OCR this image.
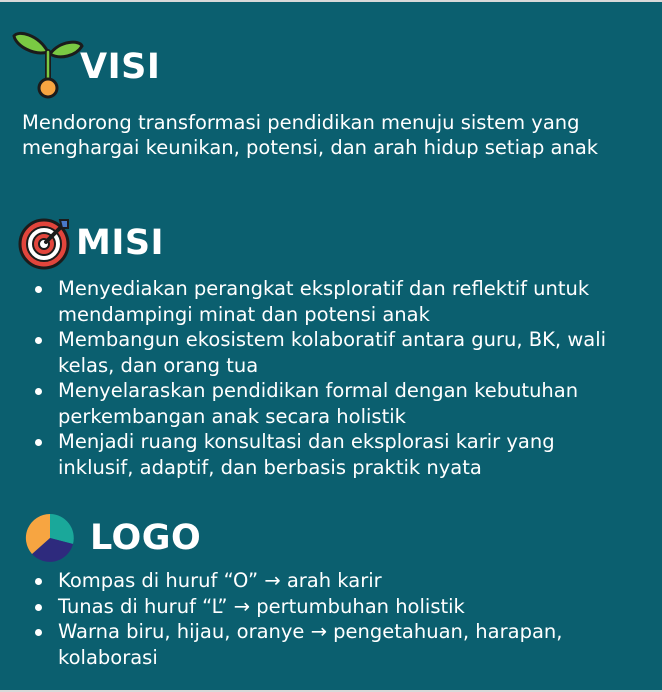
VISI

Mendorong transformasi pendidikan menuju sistem yang menghargai keunikan, potensi, dan arah hidup setiap anak

MISI
Menyediakan perangkat eksploratif dan reflektif untuk mendampingi minat dan potensi anak
Membangun ekosistem kolaboratif antara guru, BK, wali kelas, dan orang tua
Menyelaraskan pendidikan formal dengan kebutuhan perkembangan anak secara holistik
Menjadi ruang konsultasi dan eksplorasi karir yang inklusif, adaptif, dan berbasis praktik nyata
LOGO
Kompas di huruf “O” → arah karir
Tunas di huruf “L” → pertumbuhan holistik
Warna biru, hijau, oranye → pengetahuan, harapan, kolaborasi
